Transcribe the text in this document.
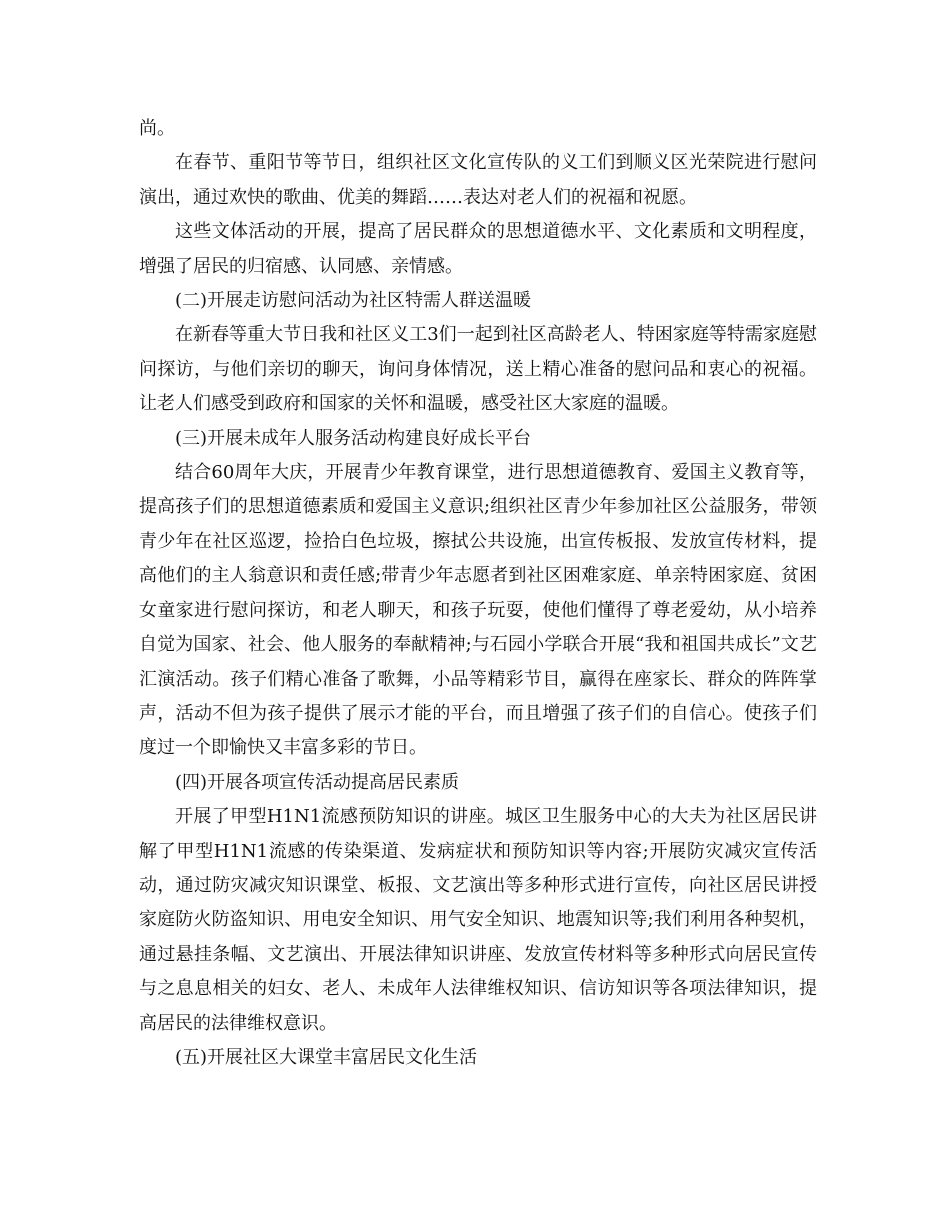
尚。

在春节、重阳节等节日，组织社区文化宣传队的义工们到顺义区光荣院进行慰问演出，通过欢快的歌曲、优美的舞蹈……表达对老人们的祝福和祝愿。

这些文体活动的开展，提高了居民群众的思想道德水平、文化素质和文明程度，增强了居民的归宿感、认同感、亲情感。

(二)开展走访慰问活动为社区特需人群送温暖

在新春等重大节日我和社区义工3们一起到社区高龄老人、特困家庭等特需家庭慰问探访，与他们亲切的聊天，询问身体情况，送上精心准备的慰问品和衷心的祝福。让老人们感受到政府和国家的关怀和温暖，感受社区大家庭的温暖。

(三)开展未成年人服务活动构建良好成长平台

结合60周年大庆，开展青少年教育课堂，进行思想道德教育、爱国主义教育等，提高孩子们的思想道德素质和爱国主义意识;组织社区青少年参加社区公益服务，带领青少年在社区巡逻，捡拾白色垃圾，擦拭公共设施，出宣传板报、发放宣传材料，提高他们的主人翁意识和责任感;带青少年志愿者到社区困难家庭、单亲特困家庭、贫困女童家进行慰问探访，和老人聊天，和孩子玩耍，使他们懂得了尊老爱幼，从小培养自觉为国家、社会、他人服务的奉献精神;与石园小学联合开展“我和祖国共成长”文艺汇演活动。孩子们精心准备了歌舞，小品等精彩节目，赢得在座家长、群众的阵阵掌声，活动不但为孩子提供了展示才能的平台，而且增强了孩子们的自信心。使孩子们度过一个即愉快又丰富多彩的节日。

(四)开展各项宣传活动提高居民素质

开展了甲型H1N1流感预防知识的讲座。城区卫生服务中心的大夫为社区居民讲解了甲型H1N1流感的传染渠道、发病症状和预防知识等内容;开展防灾减灾宣传活动，通过防灾减灾知识课堂、板报、文艺演出等多种形式进行宣传，向社区居民讲授家庭防火防盗知识、用电安全知识、用气安全知识、地震知识等;我们利用各种契机，通过悬挂条幅、文艺演出、开展法律知识讲座、发放宣传材料等多种形式向居民宣传与之息息相关的妇女、老人、未成年人法律维权知识、信访知识等各项法律知识，提高居民的法律维权意识。

(五)开展社区大课堂丰富居民文化生活
